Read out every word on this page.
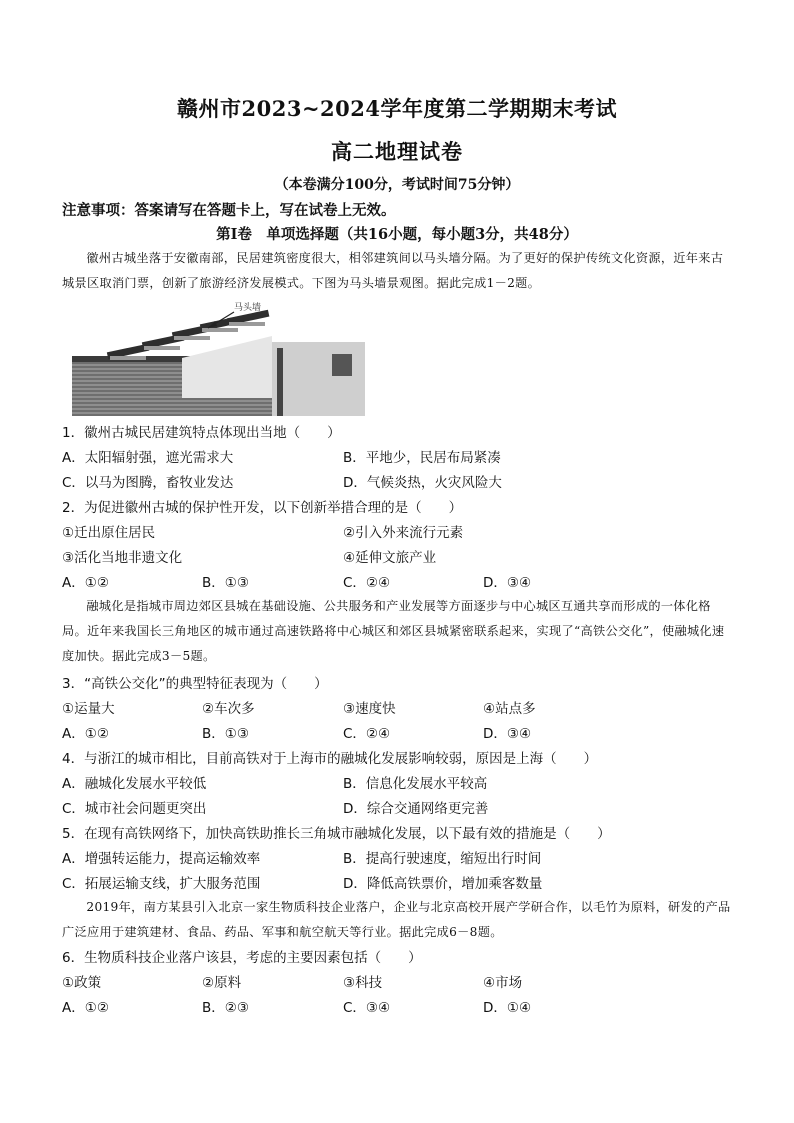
赣州市2023~2024学年度第二学期期末考试
高二地理试卷
（本卷满分100分，考试时间75分钟）
注意事项：答案请写在答题卡上，写在试卷上无效。
第Ⅰ卷　单项选择题（共16小题，每小题3分，共48分）
徽州古城坐落于安徽南部，民居建筑密度很大，相邻建筑间以马头墙分隔。为了更好的保护传统文化资源，近年来古城景区取消门票，创新了旅游经济发展模式。下图为马头墙景观图。据此完成1－2题。
马头墙
1．徽州古城民居建筑特点体现出当地（　　）
A．太阳辐射强，遮光需求大	B．平地少，民居布局紧凑
C．以马为图腾，畜牧业发达	D．气候炎热，火灾风险大
2．为促进徽州古城的保护性开发，以下创新举措合理的是（　　）
①迁出原住居民	②引入外来流行元素
③活化当地非遗文化	④延伸文旅产业
A．①②	B．①③	C．②④	D．③④
融城化是指城市周边郊区县城在基础设施、公共服务和产业发展等方面逐步与中心城区互通共享而形成的一体化格局。近年来我国长三角地区的城市通过高速铁路将中心城区和郊区县城紧密联系起来，实现了“高铁公交化”，使融城化速度加快。据此完成3－5题。
3．“高铁公交化”的典型特征表现为（　　）
①运量大	②车次多	③速度快	④站点多
A．①②	B．①③	C．②④	D．③④
4．与浙江的城市相比，目前高铁对于上海市的融城化发展影响较弱，原因是上海（　　）
A．融城化发展水平较低	B．信息化发展水平较高
C．城市社会问题更突出	D．综合交通网络更完善
5．在现有高铁网络下，加快高铁助推长三角城市融城化发展，以下最有效的措施是（　　）
A．增强转运能力，提高运输效率	B．提高行驶速度，缩短出行时间
C．拓展运输支线，扩大服务范围	D．降低高铁票价，增加乘客数量
2019年，南方某县引入北京一家生物质科技企业落户，企业与北京高校开展产学研合作，以毛竹为原料，研发的产品广泛应用于建筑建材、食品、药品、军事和航空航天等行业。据此完成6－8题。
6．生物质科技企业落户该县，考虑的主要因素包括（　　）
①政策	②原料	③科技	④市场
A．①②	B．②③	C．③④	D．①④
